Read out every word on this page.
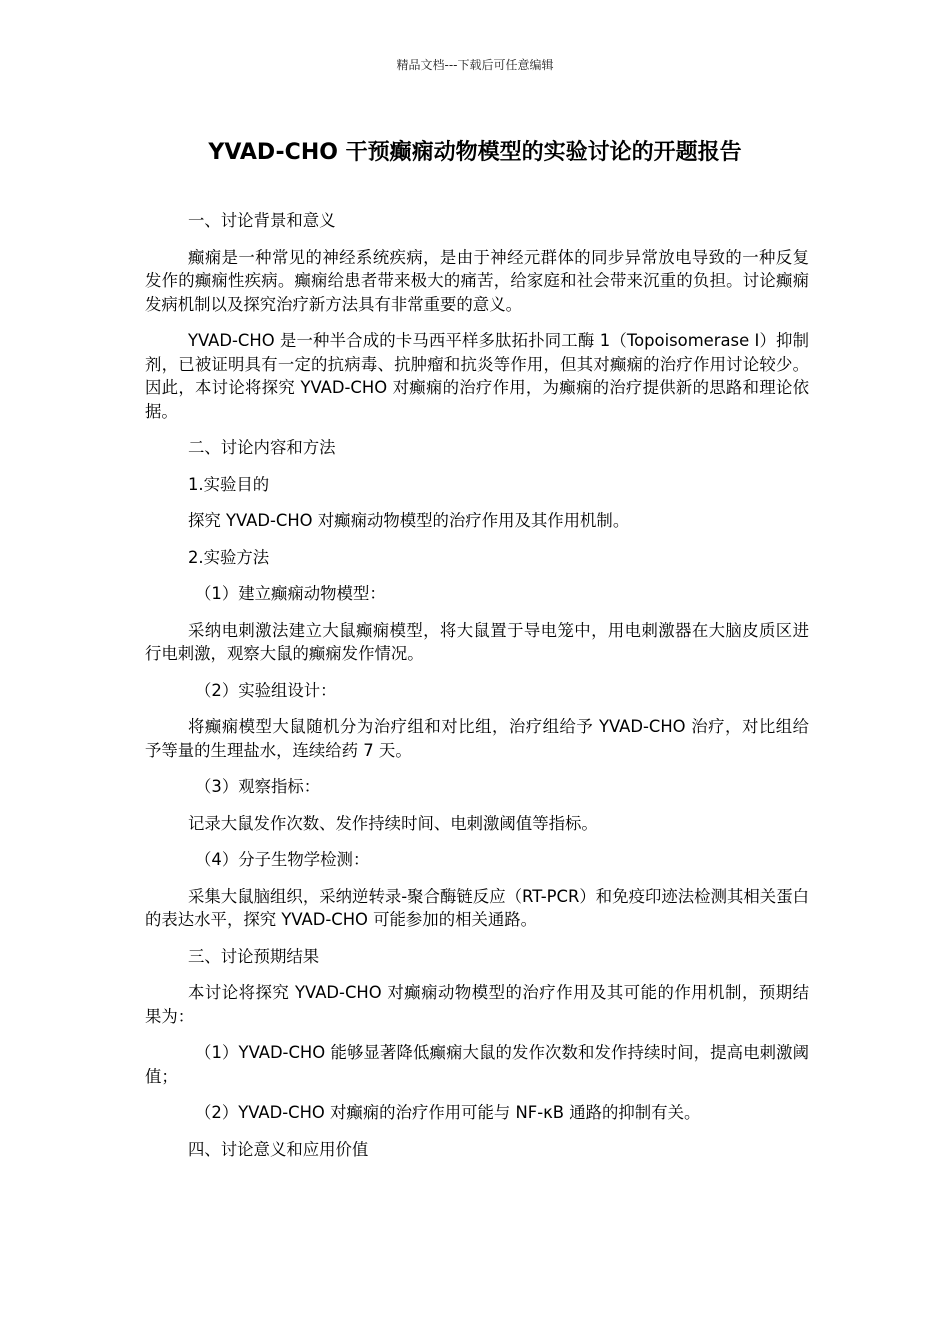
精品文档---下载后可任意编辑
YVAD-CHO 干预癫痫动物模型的实验讨论的开题报告

一、讨论背景和意义

癫痫是一种常见的神经系统疾病，是由于神经元群体的同步异常放电导致的一种反复发作的癫痫性疾病。癫痫给患者带来极大的痛苦，给家庭和社会带来沉重的负担。讨论癫痫发病机制以及探究治疗新方法具有非常重要的意义。

YVAD-CHO 是一种半合成的卡马西平样多肽拓扑同工酶 1（Topoisomerase I）抑制剂，已被证明具有一定的抗病毒、抗肿瘤和抗炎等作用，但其对癫痫的治疗作用讨论较少。因此，本讨论将探究 YVAD-CHO 对癫痫的治疗作用，为癫痫的治疗提供新的思路和理论依据。

二、讨论内容和方法

1.实验目的

探究 YVAD-CHO 对癫痫动物模型的治疗作用及其作用机制。

2.实验方法

（1）建立癫痫动物模型：

采纳电刺激法建立大鼠癫痫模型，将大鼠置于导电笼中，用电刺激器在大脑皮质区进行电刺激，观察大鼠的癫痫发作情况。

（2）实验组设计：

将癫痫模型大鼠随机分为治疗组和对比组，治疗组给予 YVAD-CHO 治疗，对比组给予等量的生理盐水，连续给药 7 天。

（3）观察指标：

记录大鼠发作次数、发作持续时间、电刺激阈值等指标。

（4）分子生物学检测：

采集大鼠脑组织，采纳逆转录-聚合酶链反应（RT-PCR）和免疫印迹法检测其相关蛋白的表达水平，探究 YVAD-CHO 可能参加的相关通路。

三、讨论预期结果

本讨论将探究 YVAD-CHO 对癫痫动物模型的治疗作用及其可能的作用机制，预期结果为：

（1）YVAD-CHO 能够显著降低癫痫大鼠的发作次数和发作持续时间，提高电刺激阈值；

（2）YVAD-CHO 对癫痫的治疗作用可能与 NF-κB 通路的抑制有关。

四、讨论意义和应用价值
